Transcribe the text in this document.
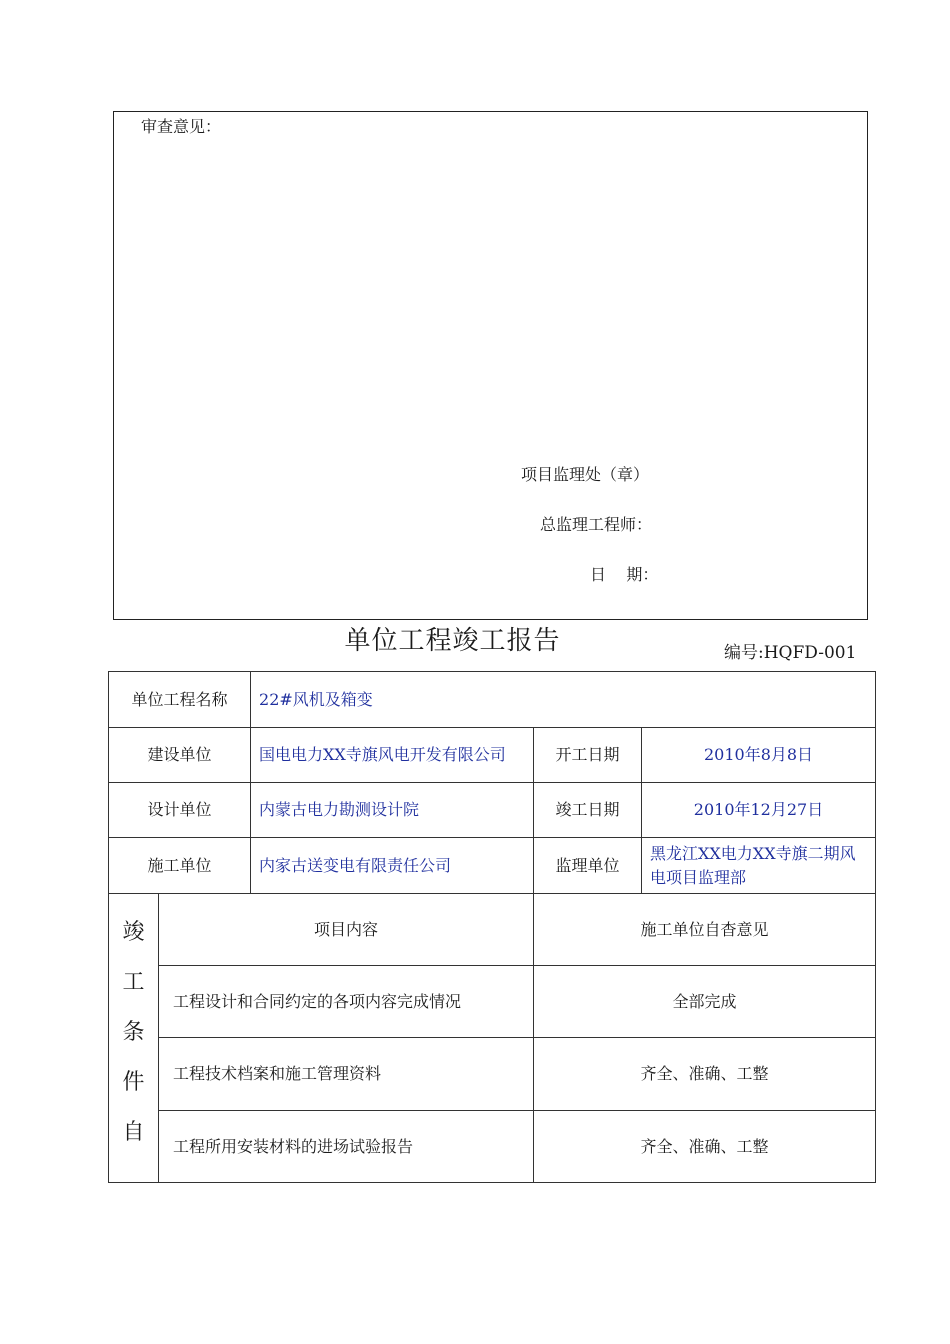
审查意见：
项目监理处（章）
总监理工程师：
日    期：
单位工程竣工报告	编号:HQFD-001
单位工程名称		22#风机及箱变		
建设单位		国电电力XX寺旗风电开发有限公司	开工日期	2010年8月8日
设计单位		内蒙古电力勘测设计院	竣工日期	2010年12月27日
施工单位		内家古送变电有限责任公司	监理单位	黑龙江XX电力XX寺旗二期风电项目监理部

竣
工
条
件
自	项目内容		施工单位自杳意见	
	工程设计和合同约定的各项内容完成情况		全部完成	
	工程技术档案和施工管理资料		齐全、准确、工整	
	工程所用安装材料的进场试验报告		齐全、准确、工整	
